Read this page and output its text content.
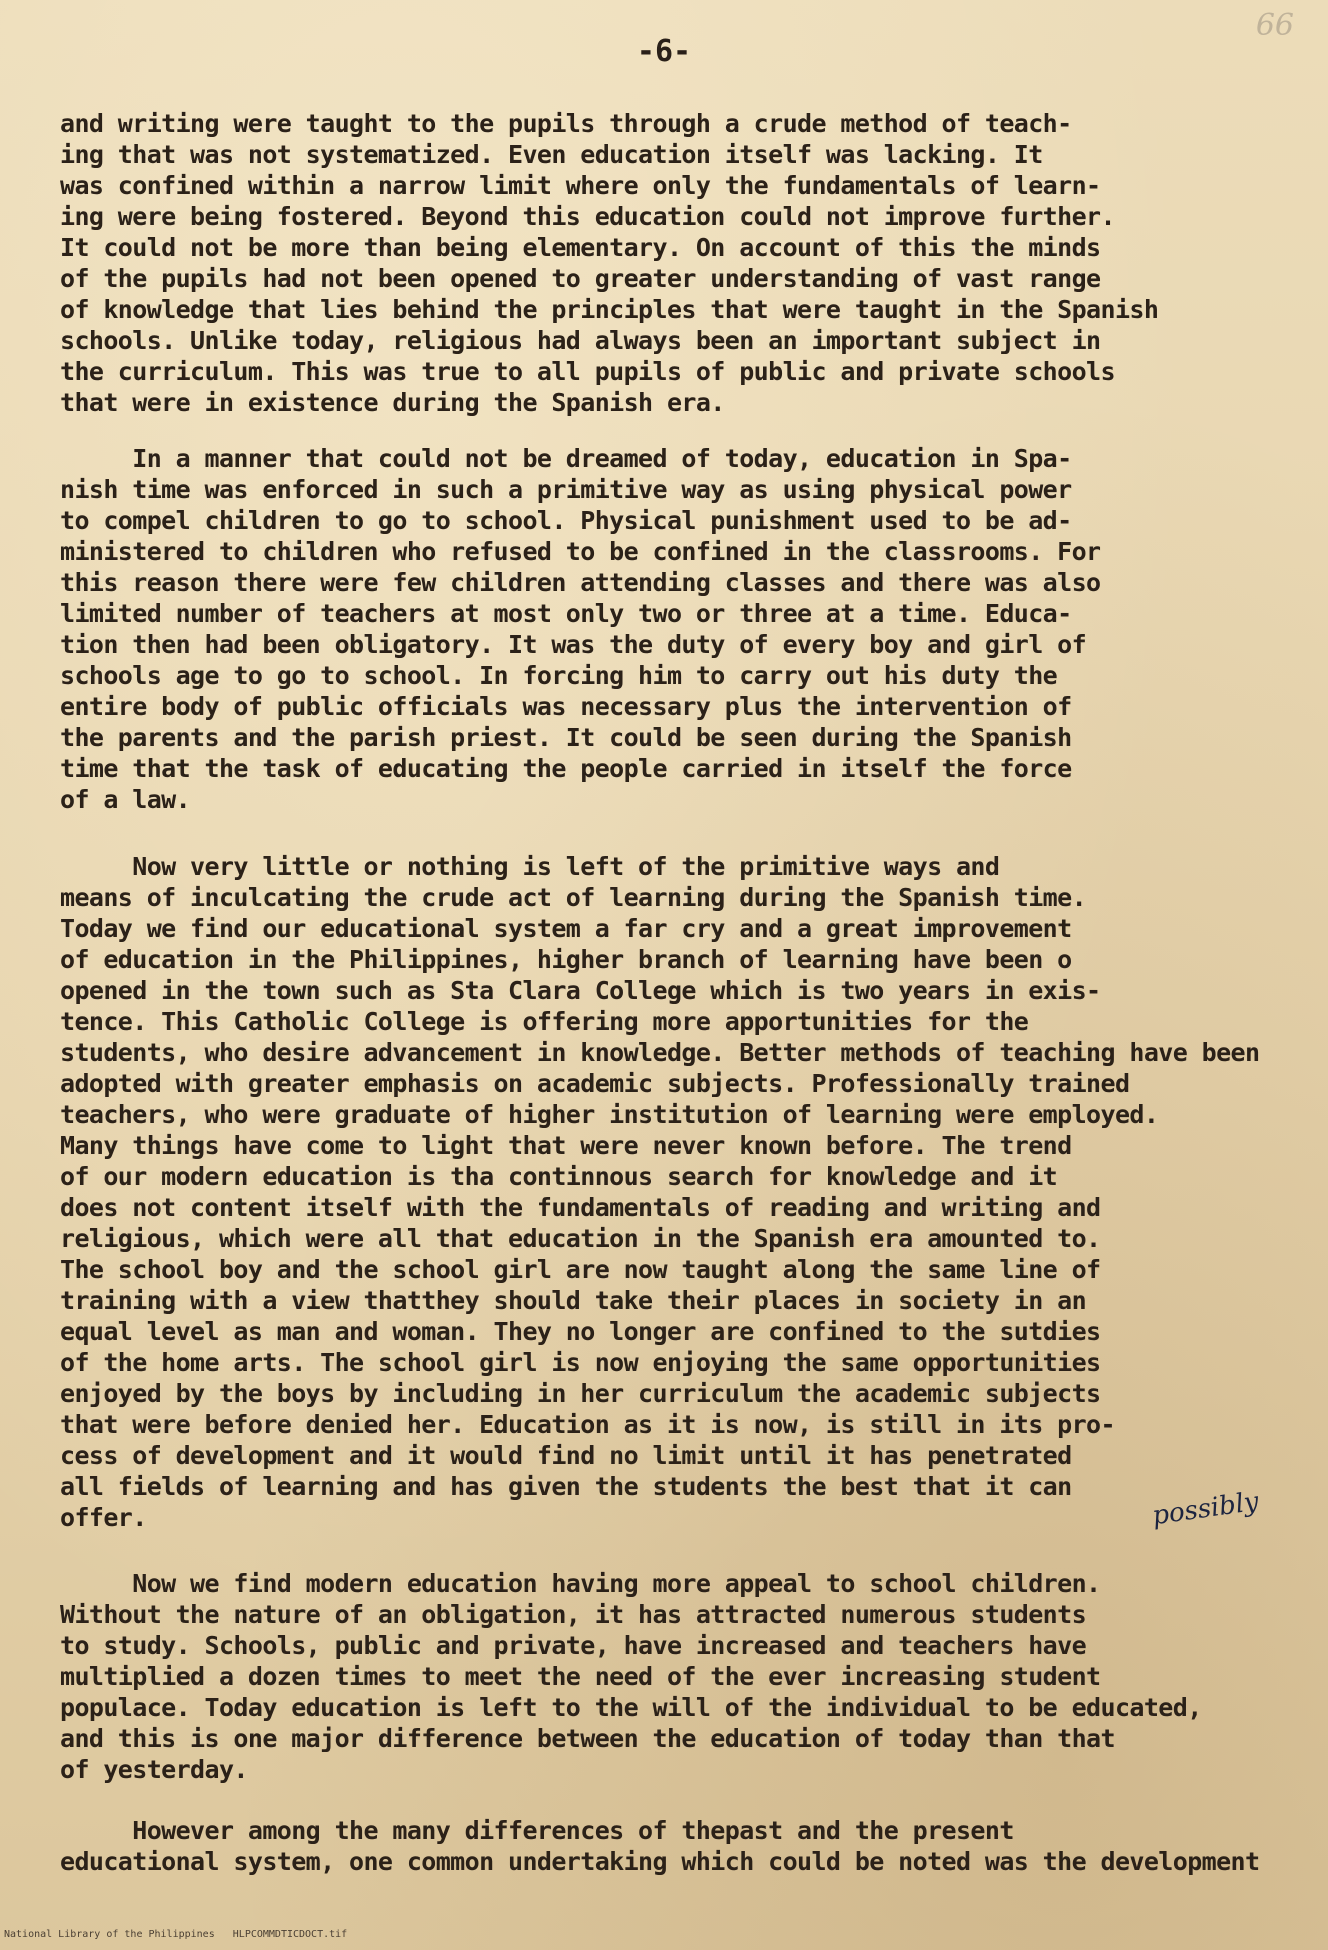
-6-
66
and writing were taught to the pupils through a crude method of teach-
ing that was not systematized. Even education itself was lacking. It
was confined within a narrow limit where only the fundamentals of learn-
ing were being fostered. Beyond this education could not improve further.
It could not be more than being elementary. On account of this the minds
of the pupils had not been opened to greater understanding of vast range
of knowledge that lies behind the principles that were taught in the Spanish
schools. Unlike today, religious had always been an important subject in
the curriculum. This was true to all pupils of public and private schools
that were in existence during the Spanish era.
In a manner that could not be dreamed of today, education in Spa-
nish time was enforced in such a primitive way as using physical power
to compel children to go to school. Physical punishment used to be ad-
ministered to children who refused to be confined in the classrooms. For
this reason there were few children attending classes and there was also
limited number of teachers at most only two or three at a time. Educa-
tion then had been obligatory. It was the duty of every boy and girl of
schools age to go to school. In forcing him to carry out his duty the
entire body of public officials was necessary plus the intervention of
the parents and the parish priest. It could be seen during the Spanish
time that the task of educating the people carried in itself the force
of a law.
Now very little or nothing is left of the primitive ways and
means of inculcating the crude act of learning during the Spanish time.
Today we find our educational system a far cry and a great improvement
of education in the Philippines, higher branch of learning have been o
opened in the town such as Sta Clara College which is two years in exis-
tence. This Catholic College is offering more apportunities for the
students, who desire advancement in knowledge. Better methods of teaching have been
adopted with greater emphasis on academic subjects. Professionally trained
teachers, who were graduate of higher institution of learning were employed.
Many things have come to light that were never known before. The trend
of our modern education is tha continnous search for knowledge and it
does not content itself with the fundamentals of reading and writing and
religious, which were all that education in the Spanish era amounted to.
The school boy and the school girl are now taught along the same line of
training with a view thatthey should take their places in society in an
equal level as man and woman. They no longer are confined to the sutdies
of the home arts. The school girl is now enjoying the same opportunities
enjoyed by the boys by including in her curriculum the academic subjects
that were before denied her. Education as it is now, is still in its pro-
cess of development and it would find no limit until it has penetrated
all fields of learning and has given the students the best that it can
offer.
Now we find modern education having more appeal to school children.
Without the nature of an obligation, it has attracted numerous students
to study. Schools, public and private, have increased and teachers have
multiplied a dozen times to meet the need of the ever increasing student
populace. Today education is left to the will of the individual to be educated,
and this is one major difference between the education of today than that
of yesterday.
However among the many differences of thepast and the present
educational system, one common undertaking which could be noted was the development
possibly
National Library of the Philippines   HLPCOMMDTICDOCT.tif
